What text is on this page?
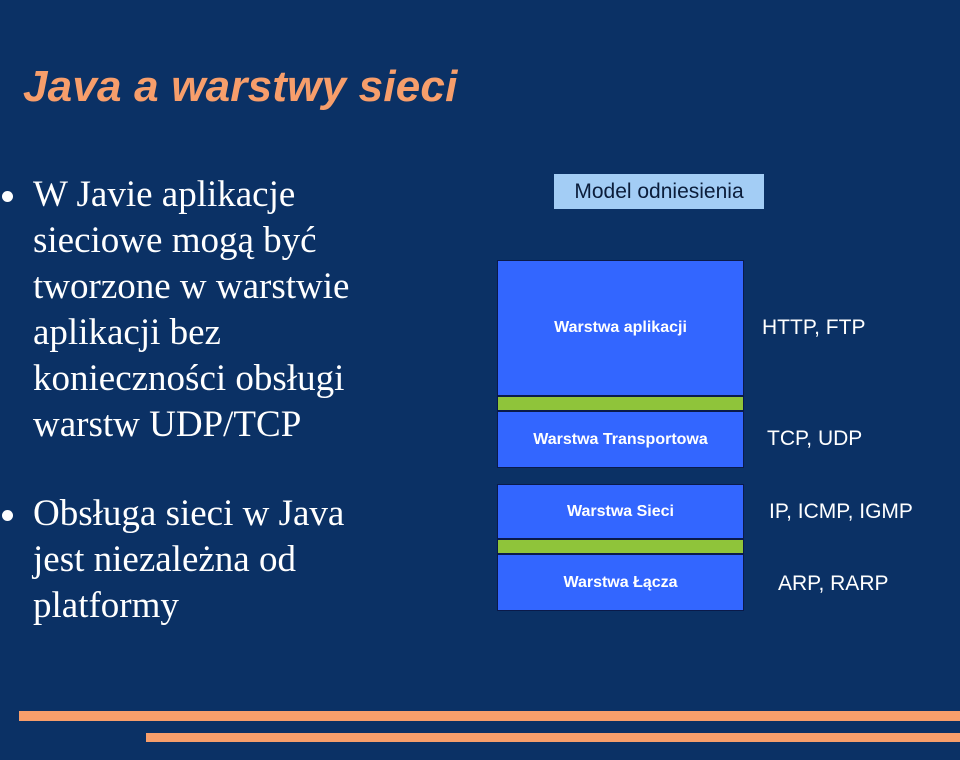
Java a warstwy sieci
W Javie aplikacje
sieciowe mogą być
tworzone w warstwie
aplikacji bez
konieczności obsługi
warstw UDP/TCP
Obsługa sieci w Java
jest niezależna od
platformy
Model odniesienia
Warstwa aplikacji
Warstwa Transportowa
Warstwa Sieci
Warstwa Łącza
HTTP, FTP
TCP, UDP
IP, ICMP, IGMP
ARP, RARP
